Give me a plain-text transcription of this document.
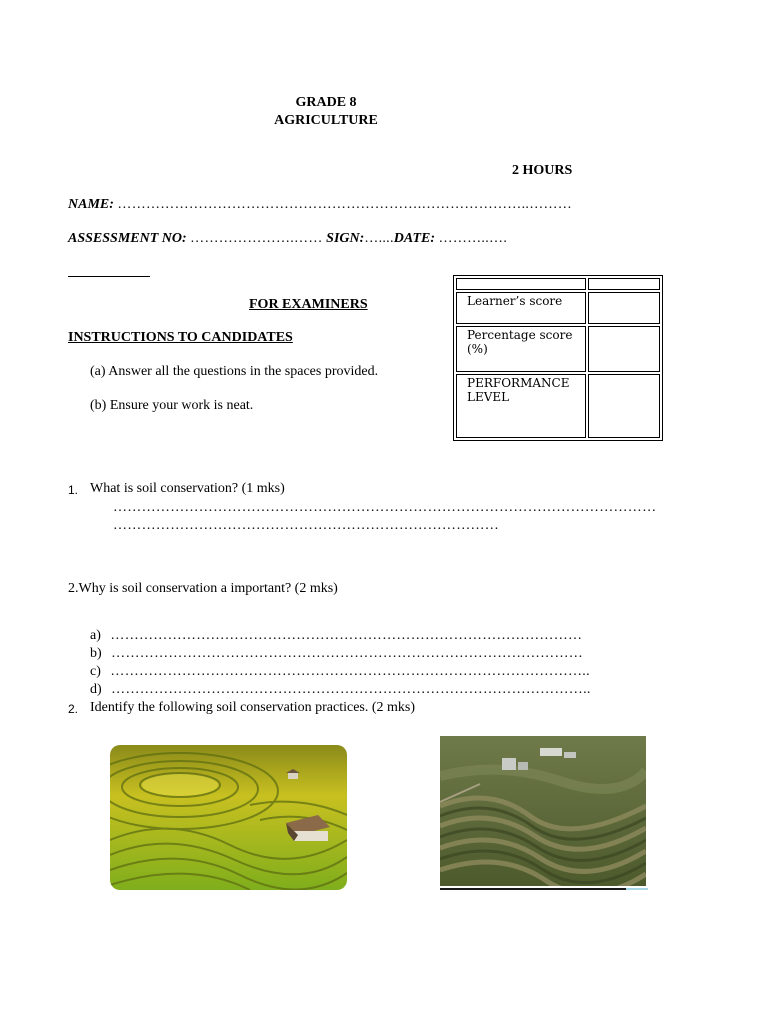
GRADE 8
AGRICULTURE
2 HOURS
NAME: ……………………………………………………….…………………..………
ASSESSMENT NO: ………………….…… SIGN:…....DATE: ………..….
FOR EXAMINERS
		Learner’s score	
Percentage score (%)	
PERFORMANCE LEVEL	
INSTRUCTIONS TO CANDIDATES
(a) Answer all the questions in the spaces provided.
(b) Ensure your work is neat.
1. What is soil conservation? (1 mks)
……………………………………………………………………………………………………
………………………………………………………………………
2.Why is soil conservation a important? (2 mks)
a) ………………………………………………………………………………………
b) ………………………………………………………………………………………
c) ………………………………………………………………………………………..
d) ………………………………………………………………………………………..
2. Identify the following soil conservation practices. (2 mks)
